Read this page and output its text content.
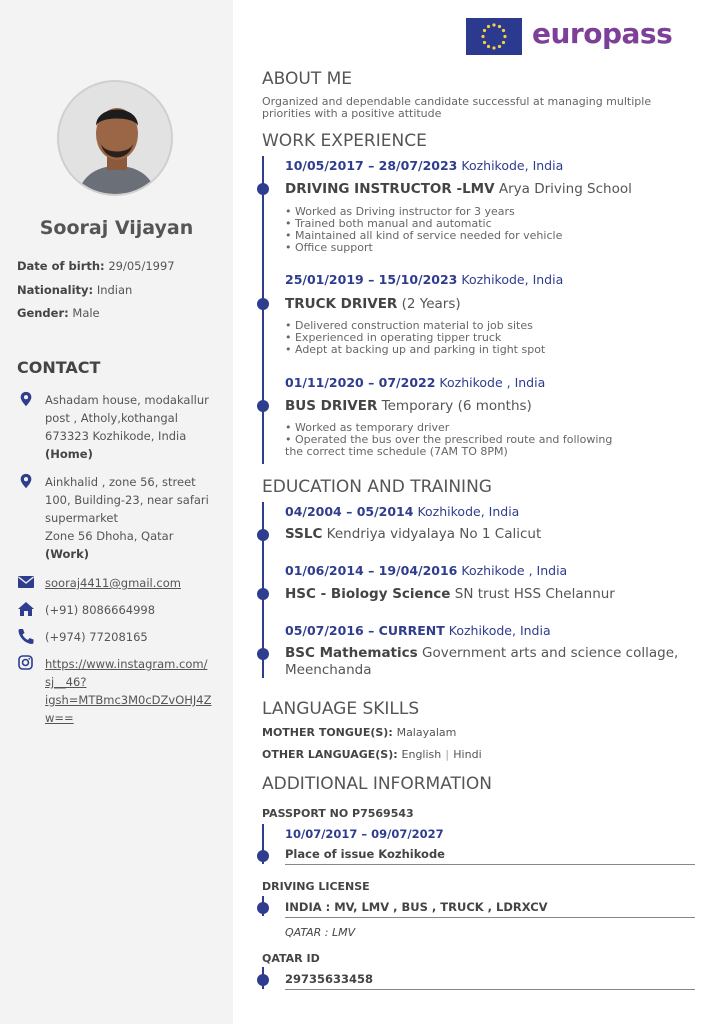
Sooraj Vijayan
Date of birth: 29/05/1997
Nationality: Indian
Gender: Male
CONTACT
Ashadam house, modakallur
post , Atholy,kothangal
673323 Kozhikode, India
(Home)
Ainkhalid , zone 56, street
100, Building-23, near safari
supermarket
Zone 56 Dhoha, Qatar
(Work)
sooraj4411@gmail.com
(+91) 8086664998
(+974) 77208165
https://www.instagram.com/
sj__46?
igsh=MTBmc3M0cDZvOHJ4Z
w==
europass
ABOUT ME
Organized and dependable candidate successful at managing multiple
priorities with a positive attitude
WORK EXPERIENCE
10/05/2017 – 28/07/2023 Kozhikode, India
DRIVING INSTRUCTOR -LMV Arya Driving School
• Worked as Driving instructor for 3 years
• Trained both manual and automatic
• Maintained all kind of service needed for vehicle
• Office support
25/01/2019 – 15/10/2023 Kozhikode, India
TRUCK DRIVER (2 Years)
• Delivered construction material to job sites
• Experienced in operating tipper truck
• Adept at backing up and parking in tight spot
01/11/2020 – 07/2022 Kozhikode , India
BUS DRIVER Temporary (6 months)
• Worked as temporary driver
• Operated the bus over the prescribed route and following
the correct time schedule (7AM TO 8PM)
EDUCATION AND TRAINING
04/2004 – 05/2014 Kozhikode, India
SSLC Kendriya vidyalaya No 1 Calicut
01/06/2014 – 19/04/2016 Kozhikode , India
HSC - Biology Science SN trust HSS Chelannur
05/07/2016 – CURRENT Kozhikode, India
BSC Mathematics Government arts and science collage,
Meenchanda
LANGUAGE SKILLS
MOTHER TONGUE(S): Malayalam
OTHER LANGUAGE(S): English | Hindi
ADDITIONAL INFORMATION
PASSPORT NO P7569543
10/07/2017 – 09/07/2027
Place of issue Kozhikode
DRIVING LICENSE
INDIA : MV, LMV , BUS , TRUCK , LDRXCV
QATAR : LMV
QATAR ID
29735633458
